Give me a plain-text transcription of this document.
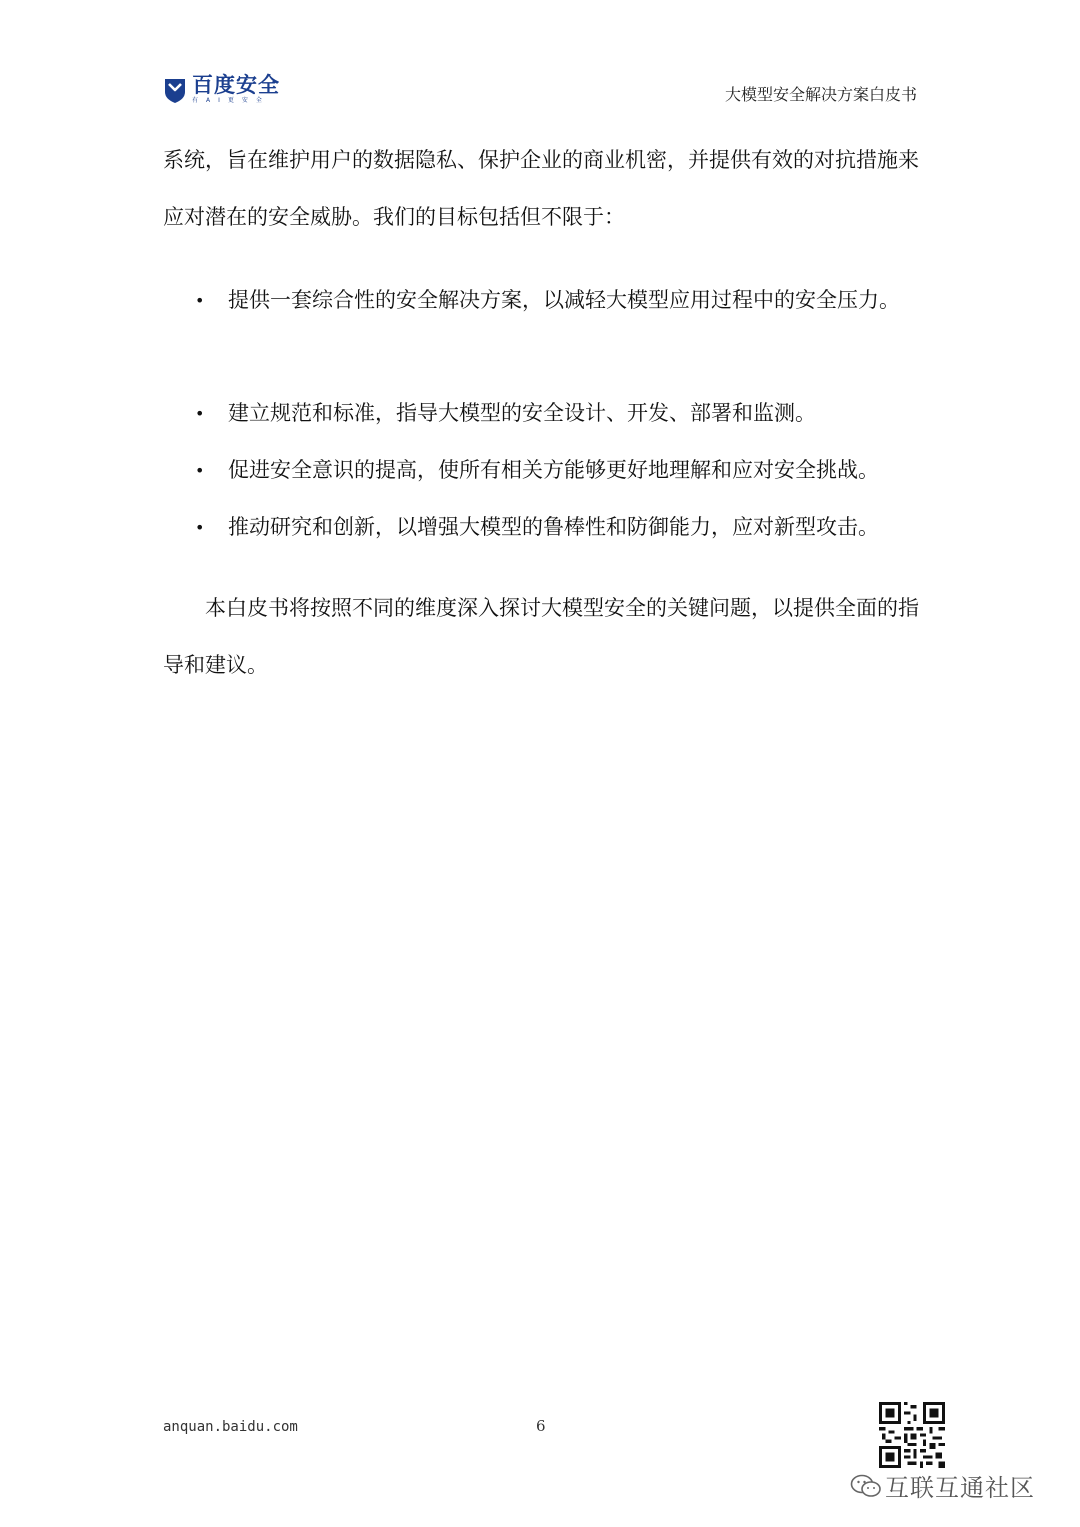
百度安全
有AI更安全	大模型安全解决方案白皮书

系统，旨在维护用户的数据隐私、保护企业的商业机密，并提供有效的对抗措施来应对潜在的安全威胁。我们的目标包括但不限于：

• 提供一套综合性的安全解决方案，以减轻大模型应用过程中的安全压力。
• 建立规范和标准，指导大模型的安全设计、开发、部署和监测。
• 促进安全意识的提高，使所有相关方能够更好地理解和应对安全挑战。
• 推动研究和创新，以增强大模型的鲁棒性和防御能力，应对新型攻击。

本白皮书将按照不同的维度深入探讨大模型安全的关键问题，以提供全面的指导和建议。

anquan.baidu.com	6
互联互通社区
